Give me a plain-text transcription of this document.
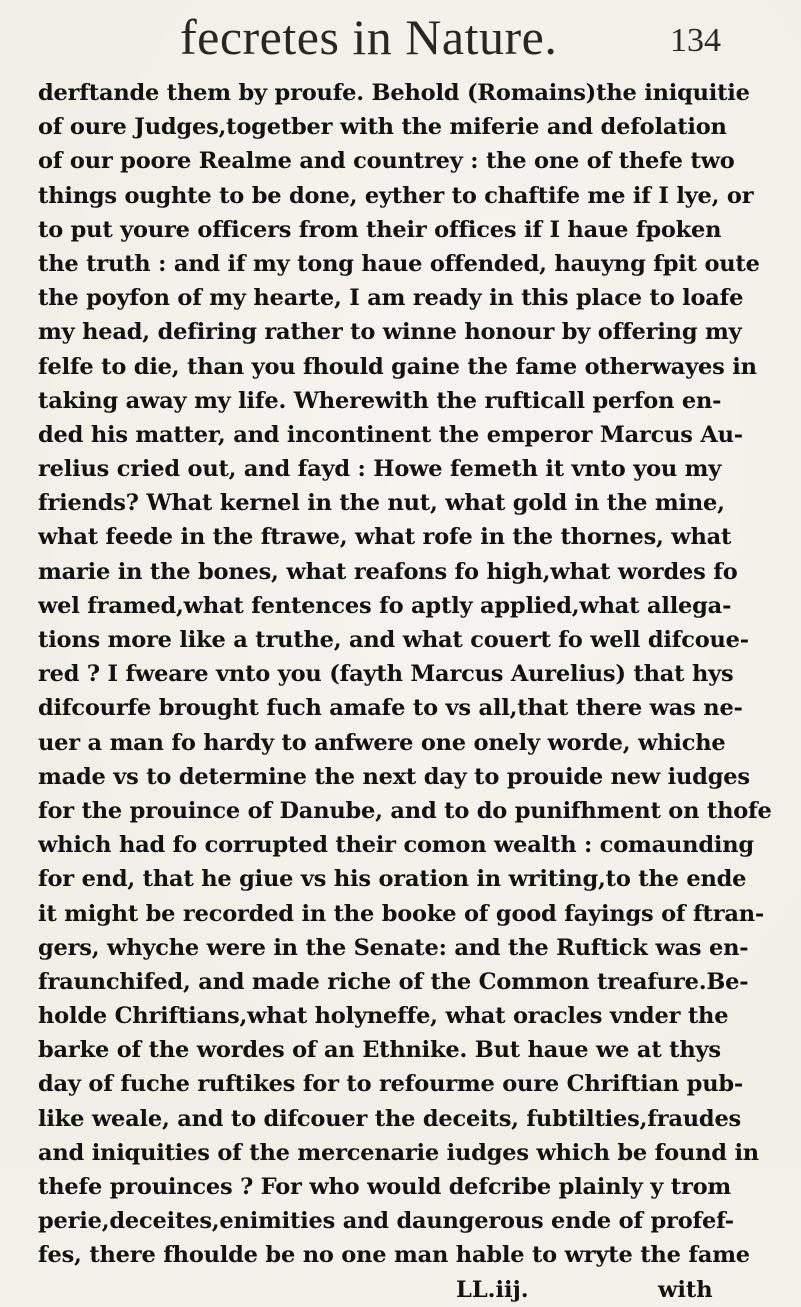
fecretes in Nature.	134
derftande them by proufe. Behold (Romains)the iniquitie
of oure Judges,togetber with the miferie and defolation
of our poore Realme and countrey : the one of thefe two
things oughte to be done, eyther to chaftife me if I lye, or
to put youre officers from their offices if I haue fpoken
the truth : and if my tong haue offended, hauyng fpit oute
the poyfon of my hearte, I am ready in this place to loafe
my head, defiring rather to winne honour by offering my
felfe to die, than you fhould gaine the fame otherwayes in
taking away my life. Wherewith the rufticall perfon en-
ded his matter, and incontinent the emperor Marcus Au-
relius cried out, and fayd : Howe femeth it vnto you my
friends? What kernel in the nut, what gold in the mine,
what feede in the ftrawe, what rofe in the thornes, what
marie in the bones, what reafons fo high,what wordes fo
wel framed,what fentences fo aptly applied,what allega-
tions more like a truthe, and what couert fo well difcoue-
red ? I fweare vnto you (fayth Marcus Aurelius) that hys
difcourfe brought fuch amafe to vs all,that there was ne-
uer a man fo hardy to anfwere one onely worde, whiche
made vs to determine the next day to prouide new iudges
for the prouince of Danube, and to do punifhment on thofe
which had fo corrupted their comon wealth : comaunding
for end, that he giue vs his oration in writing,to the ende
it might be recorded in the booke of good fayings of ftran-
gers, whyche were in the Senate: and the Ruftick was en-
fraunchifed, and made riche of the Common treafure.Be-
holde Chriftians,what holyneffe, what oracles vnder the
barke of the wordes of an Ethnike. But haue we at thys
day of fuche ruftikes for to refourme oure Chriftian pub-
like weale, and to difcouer the deceits, fubtilties,fraudes
and iniquities of the mercenarie iudges which be found in
thefe prouinces ? For who would defcribe plainly y trom
perie,deceites,enimities and daungerous ende of profef-
fes, there fhoulde be no one man hable to wryte the fame
LL.iij.	with
